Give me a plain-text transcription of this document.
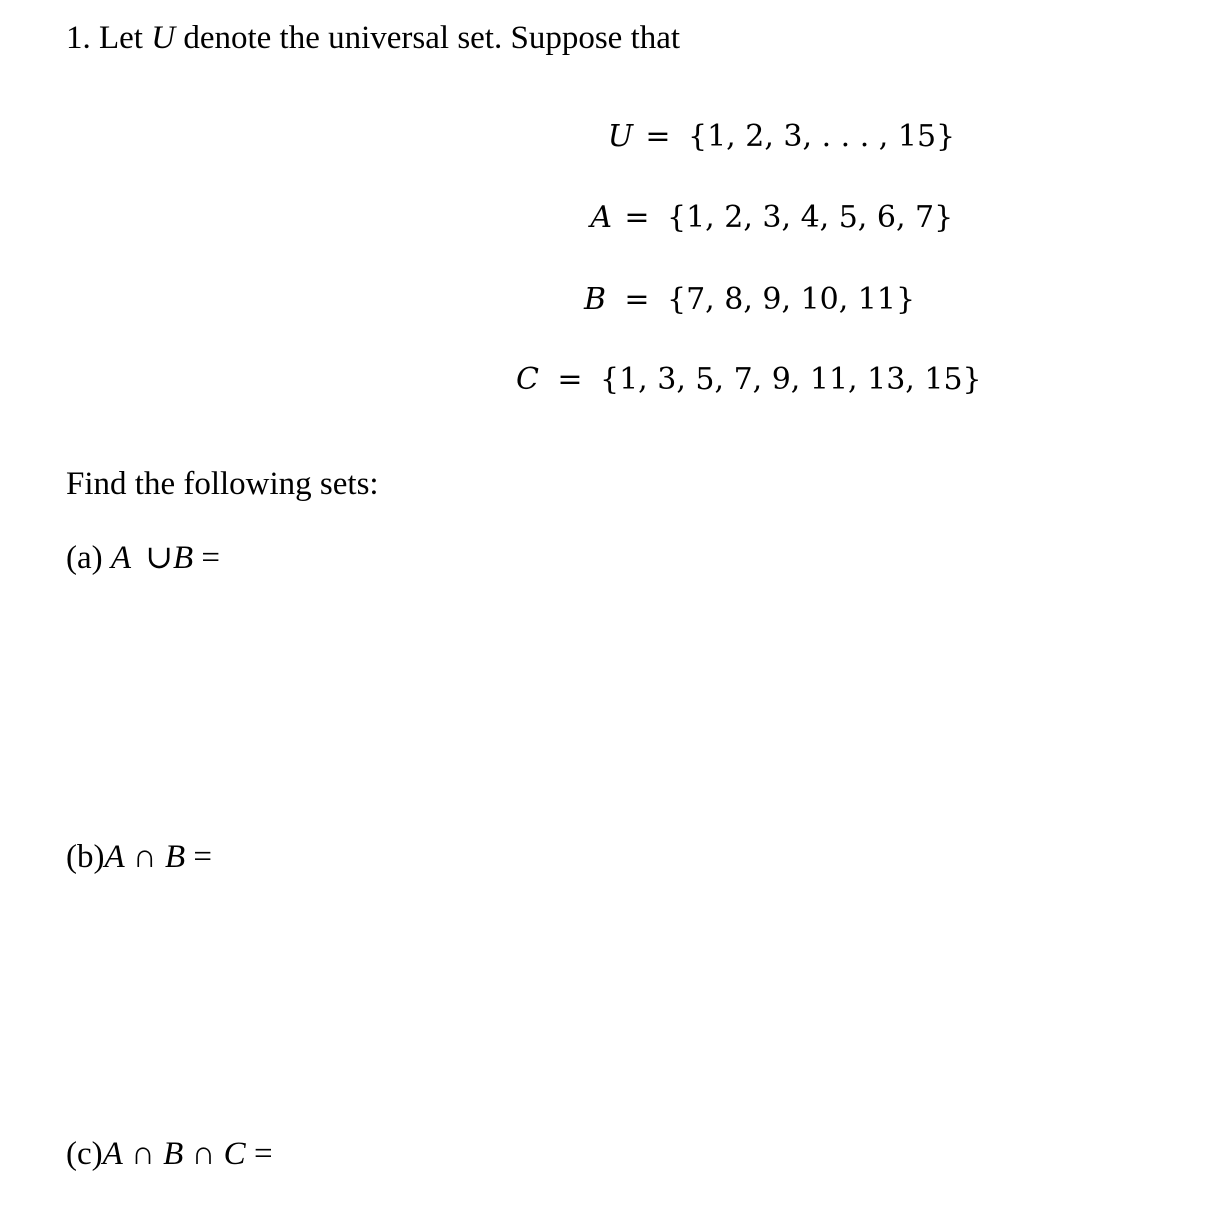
1. Let U denote the universal set. Suppose that
U = {1, 2, 3, . . . , 15}
A = {1, 2, 3, 4, 5, 6, 7}
B = {7, 8, 9, 10, 11}
C = {1, 3, 5, 7, 9, 11, 13, 15}
Find the following sets:
(a) A ∪B =
(b)A ∩ B =
(c)A ∩ B ∩ C =
